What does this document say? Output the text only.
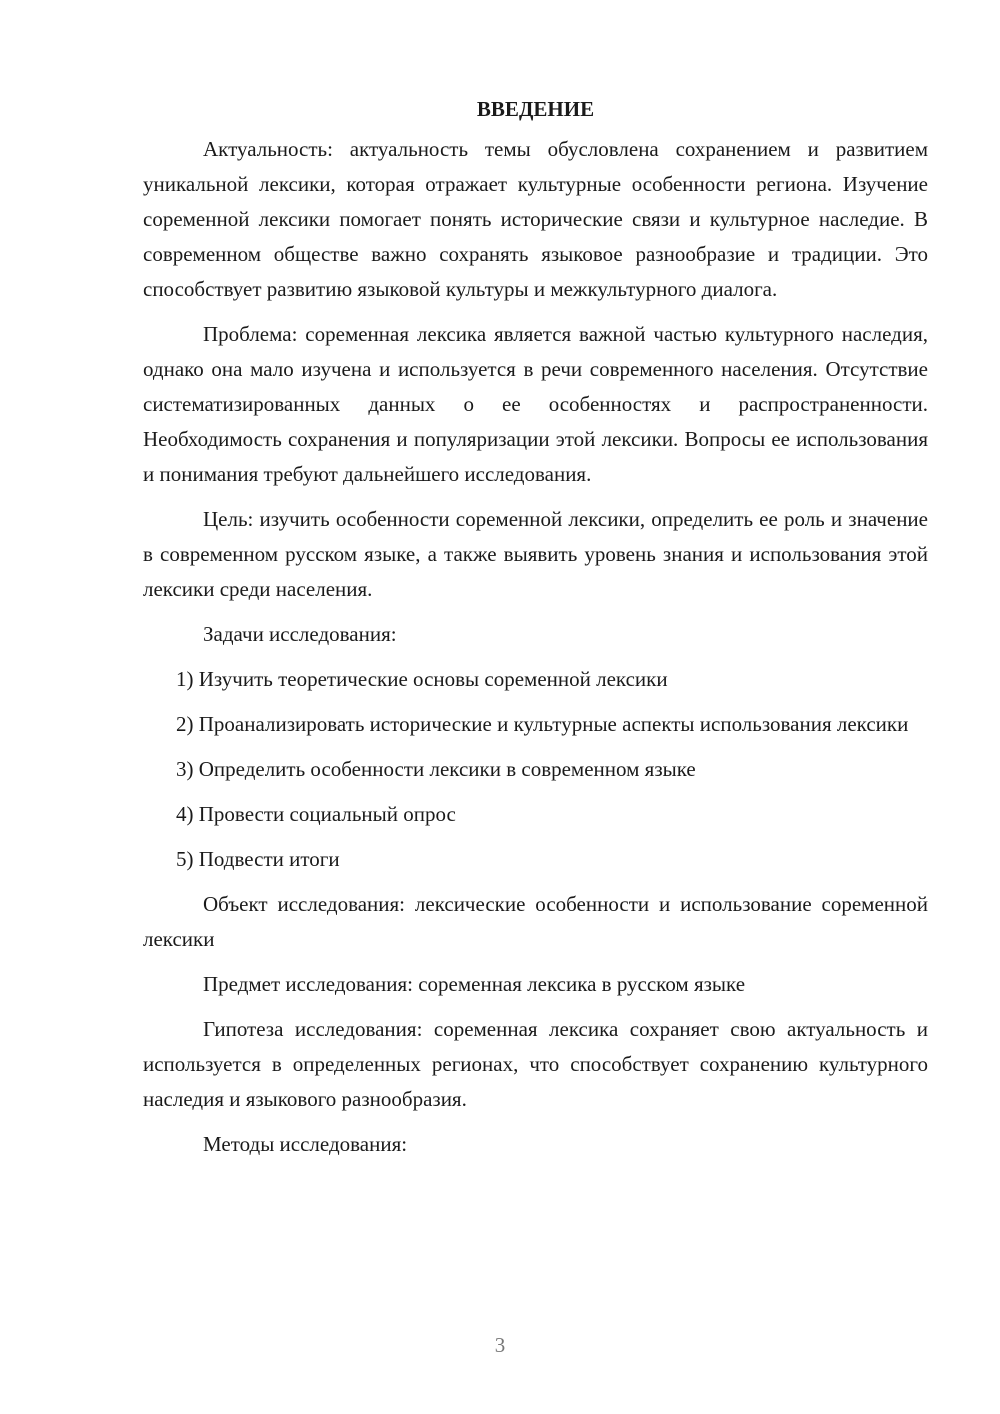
ВВЕДЕНИЕ

Актуальность: актуальность темы обусловлена сохранением и развитием уникальной лексики, которая отражает культурные особенности региона. Изучение соременной лексики помогает понять исторические связи и культурное наследие. В современном обществе важно сохранять языковое разнообразие и традиции. Это способствует развитию языковой культуры и межкультурного диалога.

Проблема: соременная лексика является важной частью культурного наследия, однако она мало изучена и используется в речи современного населения. Отсутствие систематизированных данных о ее особенностях и распространенности. Необходимость сохранения и популяризации этой лексики. Вопросы ее использования и понимания требуют дальнейшего исследования.

Цель: изучить особенности соременной лексики, определить ее роль и значение в современном русском языке, а также выявить уровень знания и использования этой лексики среди населения.

Задачи исследования:

1) Изучить теоретические основы соременной лексики

2) Проанализировать исторические и культурные аспекты использования лексики

3) Определить особенности лексики в современном языке

4) Провести социальный опрос

5) Подвести итоги

Объект исследования: лексические особенности и использование соременной лексики

Предмет исследования: соременная лексика в русском языке

Гипотеза исследования: соременная лексика сохраняет свою актуальность и используется в определенных регионах, что способствует сохранению культурного наследия и языкового разнообразия.

Методы исследования:

3
